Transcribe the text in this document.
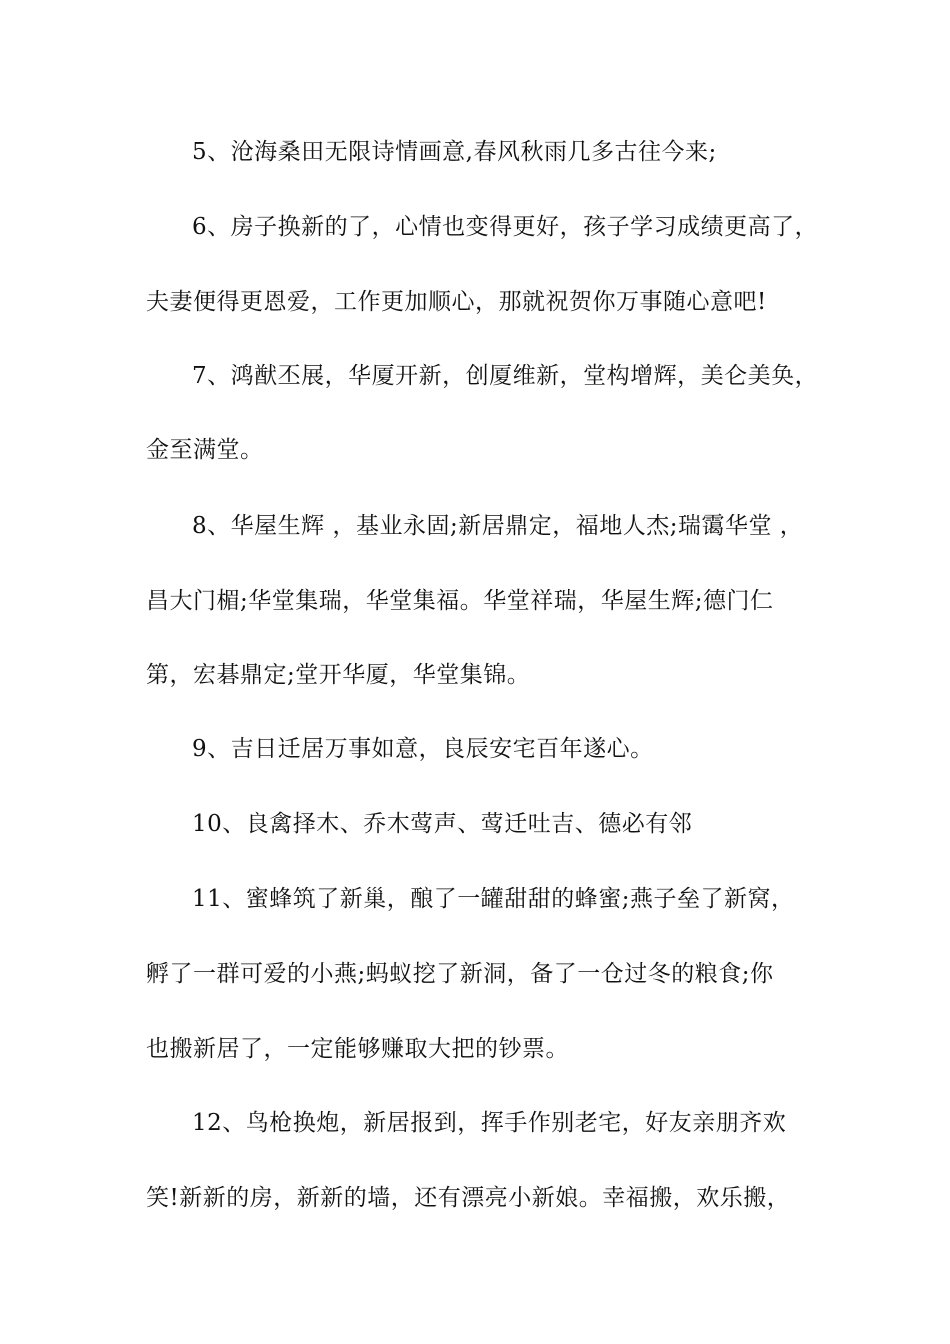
5、沧海桑田无限诗情画意,春风秋雨几多古往今来;
6、房子换新的了，心情也变得更好，孩子学习成绩更高了，
夫妻便得更恩爱，工作更加顺心，那就祝贺你万事随心意吧!
7、鸿猷丕展，华厦开新，创厦维新，堂构增辉，美仑美奂，
金至满堂。
8、华屋生辉 ，基业永固;新居鼎定，福地人杰;瑞霭华堂 ，
昌大门楣;华堂集瑞，华堂集福。华堂祥瑞，华屋生辉;德门仁
第，宏碁鼎定;堂开华厦，华堂集锦。
9、吉日迁居万事如意，良辰安宅百年遂心。
10、良禽择木、乔木莺声、莺迁吐吉、德必有邻
11、蜜蜂筑了新巢，酿了一罐甜甜的蜂蜜;燕子垒了新窝，
孵了一群可爱的小燕;蚂蚁挖了新洞，备了一仓过冬的粮食;你
也搬新居了，一定能够赚取大把的钞票。
12、鸟枪换炮，新居报到，挥手作别老宅，好友亲朋齐欢
笑!新新的房，新新的墙，还有漂亮小新娘。幸福搬，欢乐搬，
